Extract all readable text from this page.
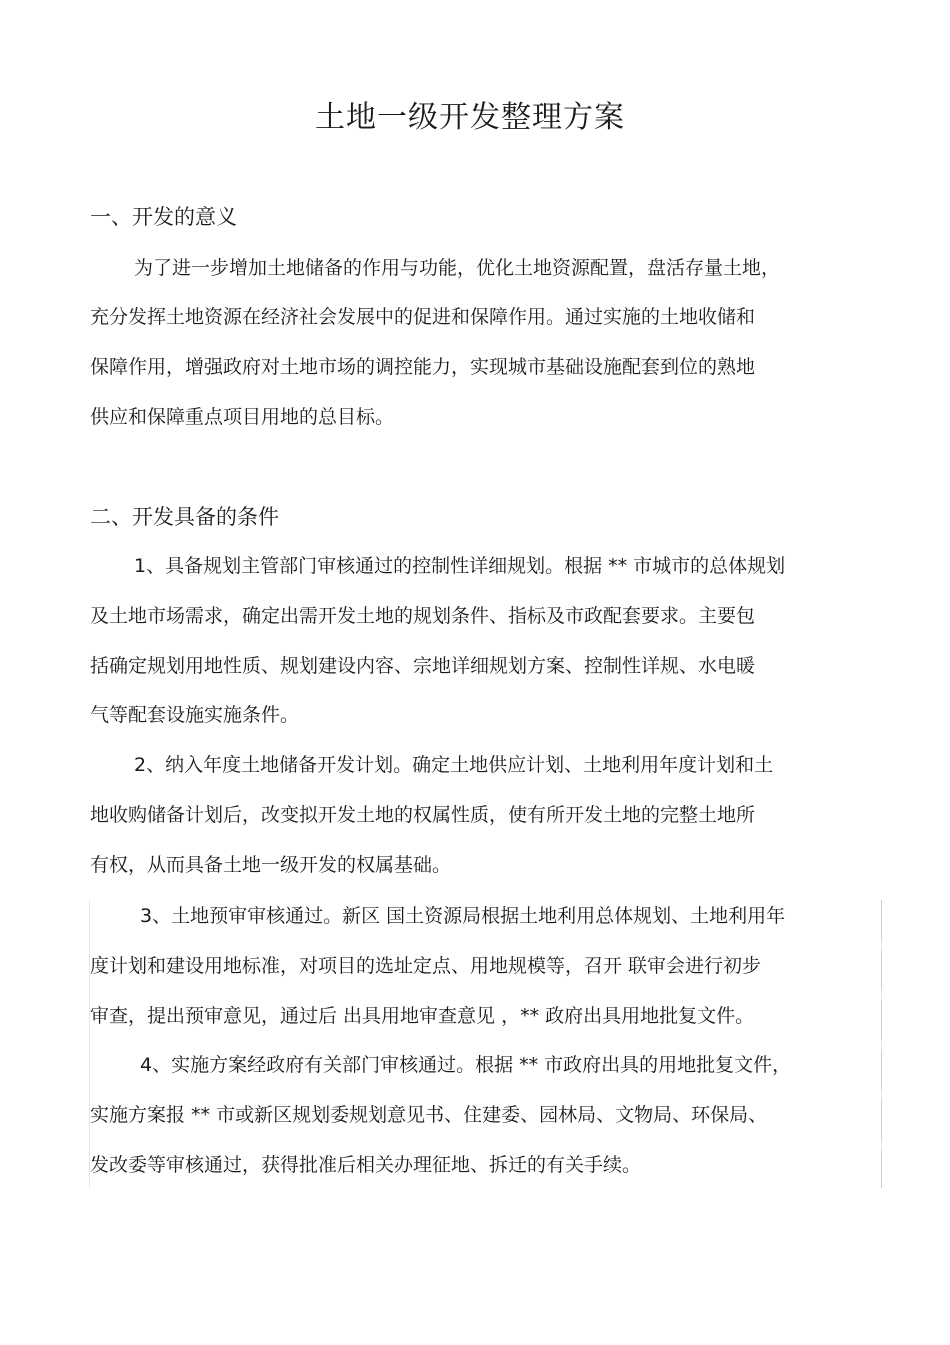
土地一级开发整理方案
一、开发的意义
为了进一步增加土地储备的作用与功能，优化土地资源配置，盘活存量土地，
充分发挥土地资源在经济社会发展中的促进和保障作用。通过实施的土地收储和
保障作用，增强政府对土地市场的调控能力，实现城市基础设施配套到位的熟地
供应和保障重点项目用地的总目标。
二、开发具备的条件
1、具备规划主管部门审核通过的控制性详细规划。根据 ** 市城市的总体规划
及土地市场需求，确定出需开发土地的规划条件、指标及市政配套要求。主要包
括确定规划用地性质、规划建设内容、宗地详细规划方案、控制性详规、水电暖
气等配套设施实施条件。
2、纳入年度土地储备开发计划。确定土地供应计划、土地利用年度计划和土
地收购储备计划后，改变拟开发土地的权属性质，使有所开发土地的完整土地所
有权，从而具备土地一级开发的权属基础。
3、土地预审审核通过。新区 国土资源局根据土地利用总体规划、土地利用年
度计划和建设用地标准，对项目的选址定点、用地规模等，召开 联审会进行初步
审查，提出预审意见，通过后 出具用地审查意见 ，** 政府出具用地批复文件。
4、实施方案经政府有关部门审核通过。根据 ** 市政府出具的用地批复文件，
实施方案报 ** 市或新区规划委规划意见书、住建委、园林局、文物局、环保局、
发改委等审核通过，获得批准后相关办理征地、拆迁的有关手续。
